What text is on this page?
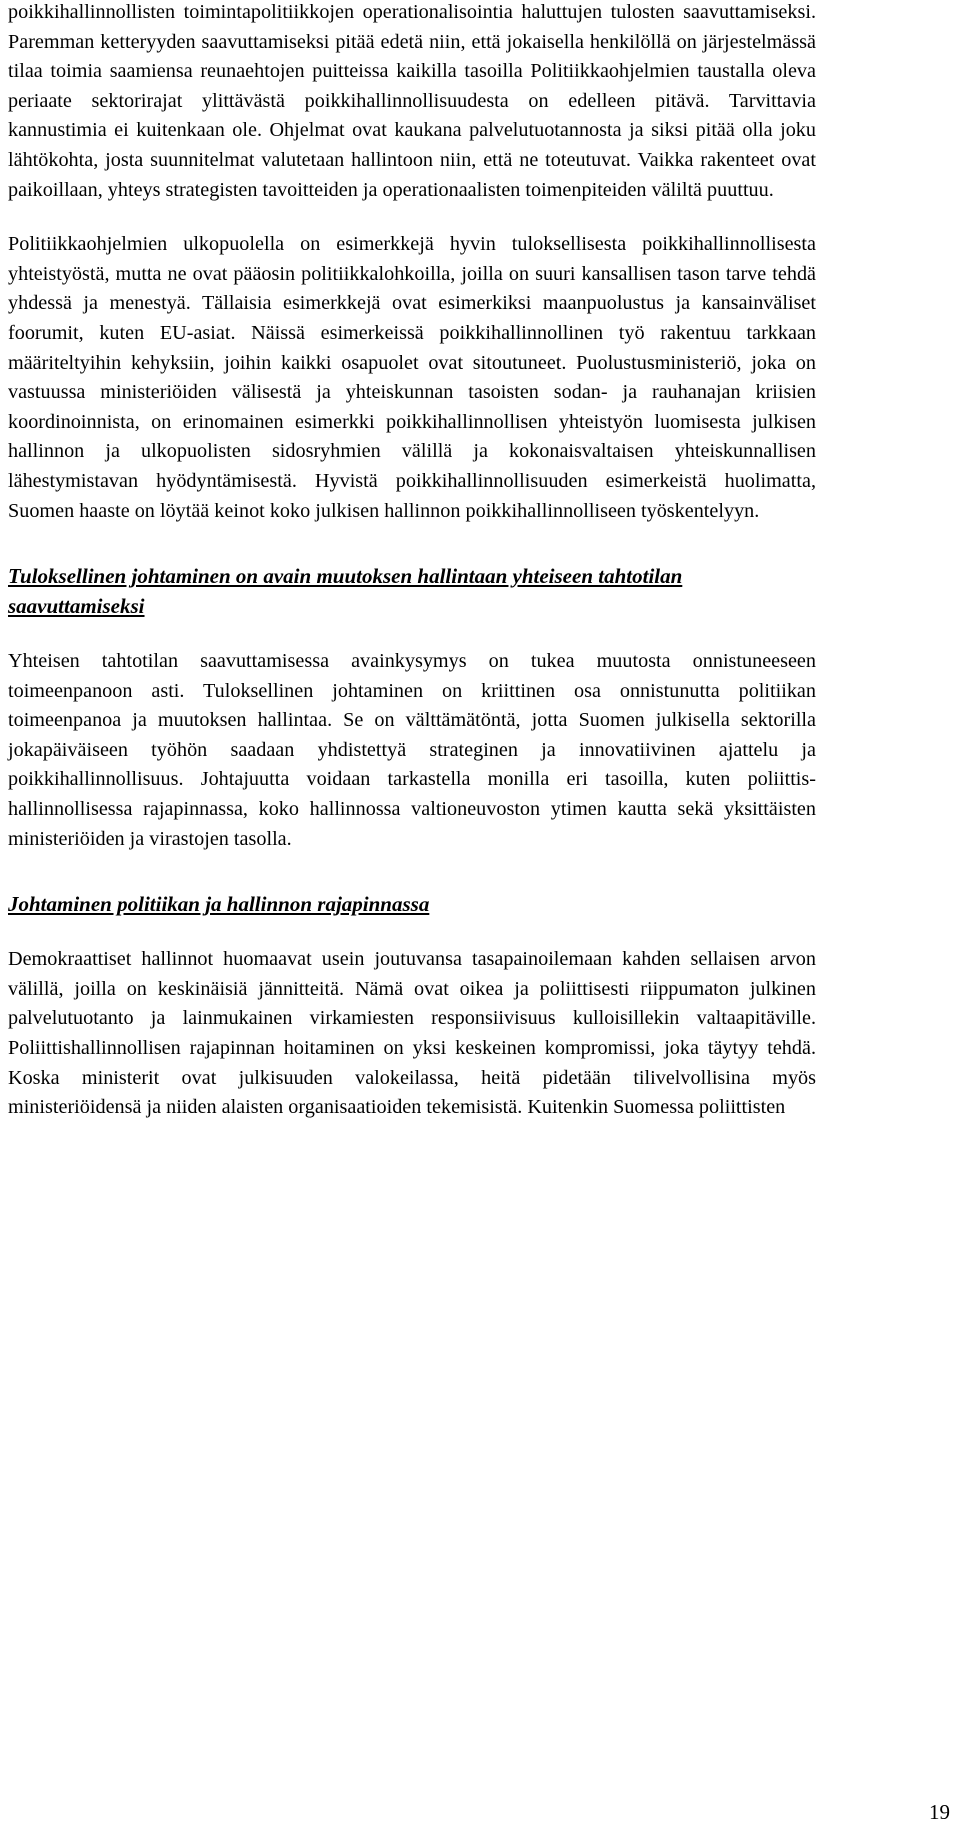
poikkihallinnollisten toimintapolitiikkojen operationalisointia haluttujen tulosten saavuttamiseksi. Paremman ketteryyden saavuttamiseksi pitää edetä niin, että jokaisella henkilöllä on järjestelmässä tilaa toimia saamiensa reunaehtojen puitteissa kaikilla tasoilla Politiikkaohjelmien taustalla oleva periaate sektorirajat ylittävästä poikkihallinnollisuudesta on edelleen pitävä. Tarvittavia kannustimia ei kuitenkaan ole. Ohjelmat ovat kaukana palvelutuotannosta ja siksi pitää olla joku lähtökohta, josta suunnitelmat valutetaan hallintoon niin, että ne toteutuvat. Vaikka rakenteet ovat paikoillaan, yhteys strategisten tavoitteiden ja operationaalisten toimenpiteiden väliltä puuttuu.

Politiikkaohjelmien ulkopuolella on esimerkkejä hyvin tuloksellisesta poikkihallinnollisesta yhteistyöstä, mutta ne ovat pääosin politiikkalohkoilla, joilla on suuri kansallisen tason tarve tehdä yhdessä ja menestyä. Tällaisia esimerkkejä ovat esimerkiksi maanpuolustus ja kansainväliset foorumit, kuten EU-asiat. Näissä esimerkeissä poikkihallinnollinen työ rakentuu tarkkaan määriteltyihin kehyksiin, joihin kaikki osapuolet ovat sitoutuneet. Puolustusministeriö, joka on vastuussa ministeriöiden välisestä ja yhteiskunnan tasoisten sodan- ja rauhanajan kriisien koordinoinnista, on erinomainen esimerkki poikkihallinnollisen yhteistyön luomisesta julkisen hallinnon ja ulkopuolisten sidosryhmien välillä ja kokonaisvaltaisen yhteiskunnallisen lähestymistavan hyödyntämisestä. Hyvistä poikkihallinnollisuuden esimerkeistä huolimatta, Suomen haaste on löytää keinot koko julkisen hallinnon poikkihallinnolliseen työskentelyyn.

Tuloksellinen johtaminen on avain muutoksen hallintaan yhteiseen tahtotilan saavuttamiseksi

Yhteisen tahtotilan saavuttamisessa avainkysymys on tukea muutosta onnistuneeseen toimeenpanoon asti. Tuloksellinen johtaminen on kriittinen osa onnistunutta politiikan toimeenpanoa ja muutoksen hallintaa. Se on välttämätöntä, jotta Suomen julkisella sektorilla jokapäiväiseen työhön saadaan yhdistettyä strateginen ja innovatiivinen ajattelu ja poikkihallinnollisuus. Johtajuutta voidaan tarkastella monilla eri tasoilla, kuten poliittis-hallinnollisessa rajapinnassa, koko hallinnossa valtioneuvoston ytimen kautta sekä yksittäisten ministeriöiden ja virastojen tasolla.

Johtaminen politiikan ja hallinnon rajapinnassa

Demokraattiset hallinnot huomaavat usein joutuvansa tasapainoilemaan kahden sellaisen arvon välillä, joilla on keskinäisiä jännitteitä. Nämä ovat oikea ja poliittisesti riippumaton julkinen palvelutuotanto ja lainmukainen virkamiesten responsiivisuus kulloisillekin valtaapitäville. Poliittishallinnollisen rajapinnan hoitaminen on yksi keskeinen kompromissi, joka täytyy tehdä. Koska ministerit ovat julkisuuden valokeilassa, heitä pidetään tilivelvollisina myös ministeriöidensä ja niiden alaisten organisaatioiden tekemisistä. Kuitenkin Suomessa poliittisten

19
